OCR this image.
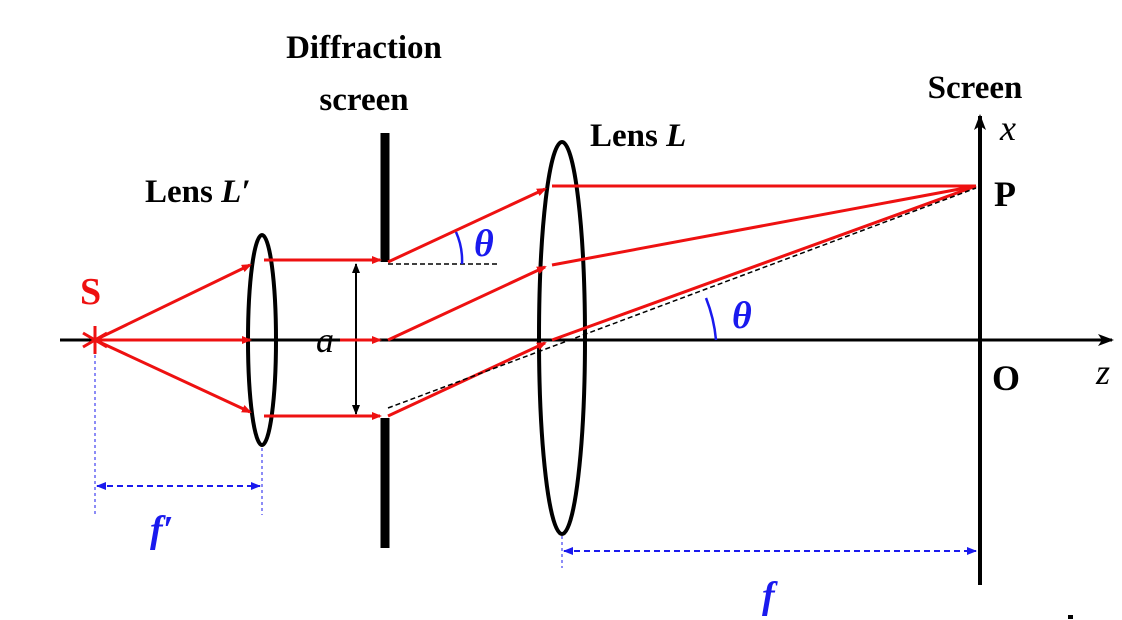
Diffraction
screen	Screen
Lens L
Lens L′
S
P
O
x
z
a
θ
θ
f′
f
